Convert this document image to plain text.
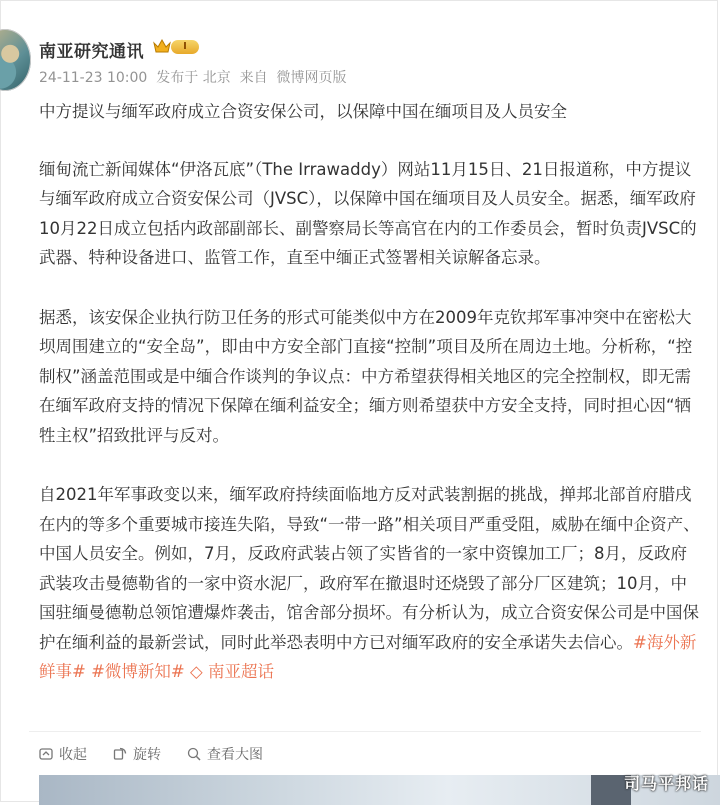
南亚研究通讯	I
24-11-23 10:00  发布于 北京  来自  微博网页版

中方提议与缅军政府成立合资安保公司，以保障中国在缅项目及人员安全

缅甸流亡新闻媒体“伊洛瓦底”（The Irrawaddy）网站11月15日、21日报道称，中方提议与缅军政府成立合资安保公司（JVSC），以保障中国在缅项目及人员安全。据悉，缅军政府10月22日成立包括内政部副部长、副警察局长等高官在内的工作委员会，暂时负责JVSC的武器、特种设备进口、监管工作，直至中缅正式签署相关谅解备忘录。

据悉，该安保企业执行防卫任务的形式可能类似中方在2009年克钦邦军事冲突中在密松大坝周围建立的“安全岛”，即由中方安全部门直接“控制”项目及所在周边土地。分析称，“控制权”涵盖范围或是中缅合作谈判的争议点：中方希望获得相关地区的完全控制权，即无需在缅军政府支持的情况下保障在缅利益安全；缅方则希望获中方安全支持，同时担心因“牺牲主权”招致批评与反对。

自2021年军事政变以来，缅军政府持续面临地方反对武装割据的挑战，掸邦北部首府腊戌在内的等多个重要城市接连失陷，导致“一带一路”相关项目严重受阻，威胁在缅中企资产、中国人员安全。例如，7月，反政府武装占领了实皆省的一家中资镍加工厂；8月，反政府武装攻击曼德勒省的一家中资水泥厂，政府军在撤退时还烧毁了部分厂区建筑；10月，中国驻缅曼德勒总领馆遭爆炸袭击，馆舍部分损坏。有分析认为，成立合资安保公司是中国保护在缅利益的最新尝试，同时此举恐表明中方已对缅军政府的安全承诺失去信心。#海外新鲜事# #微博新知# ◇ 南亚超话

收起	旋转	查看大图
司马平邦话
